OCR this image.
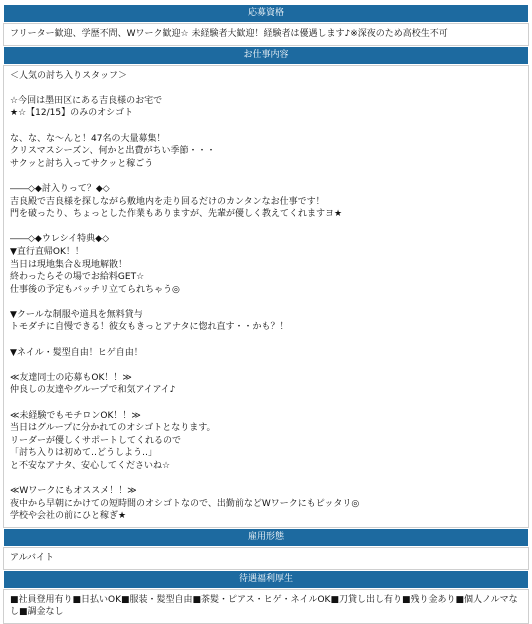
応募資格
フリーター歓迎、学歴不問、Wワーク歓迎☆ 未経験者大歓迎！経験者は優遇します♪※深夜のため高校生不可
お仕事内容
＜人気の討ち入りスタッフ＞
☆今回は墨田区にある吉良様のお宅で
★☆【12/15】のみのオシゴト
な、な、な〜んと！47名の大量募集！
クリスマスシーズン、何かと出費がちい季節・・・
サクッと討ち入ってサクッと稼ごう
――◇◆討入りって？◆◇
吉良殿で吉良様を探しながら敷地内を走り回るだけのカンタンなお仕事です！
門を破ったり、ちょっとした作業もありますが、先輩が優しく教えてくれますヨ★
――◇◆ウレシイ特典◆◇
▼直行直帰OK！！
当日は現地集合＆現地解散！
終わったらその場でお給料GET☆
仕事後の予定もバッチリ立てられちゃう◎
▼クールな制服や道具を無料貸与
トモダチに自慢できる！彼女もきっとアナタに惚れ直す・・かも？！
▼ネイル・髪型自由！ヒゲ自由！
≪友達同士の応募もOK！！≫
仲良しの友達やグループで和気アイアイ♪
≪未経験でもモチロンOK！！≫
当日はグループに分かれてのオシゴトとなります。
リーダーが優しくサポートしてくれるので
「討ち入りは初めて‥どうしよう‥」
と不安なアナタ、安心してくださいね☆
≪Wワークにもオススメ！！≫
夜中から早朝にかけての短時間のオシゴトなので、出勤前などWワークにもピッタリ◎
学校や会社の前にひと稼ぎ★
雇用形態
アルバイト
待遇福利厚生
■社員登用有り■日払いOK■服装・髪型自由■茶髪・ピアス・ヒゲ・ネイルOK■刀貸し出し有り■残り金あり■個人ノルマなし■調金なし
